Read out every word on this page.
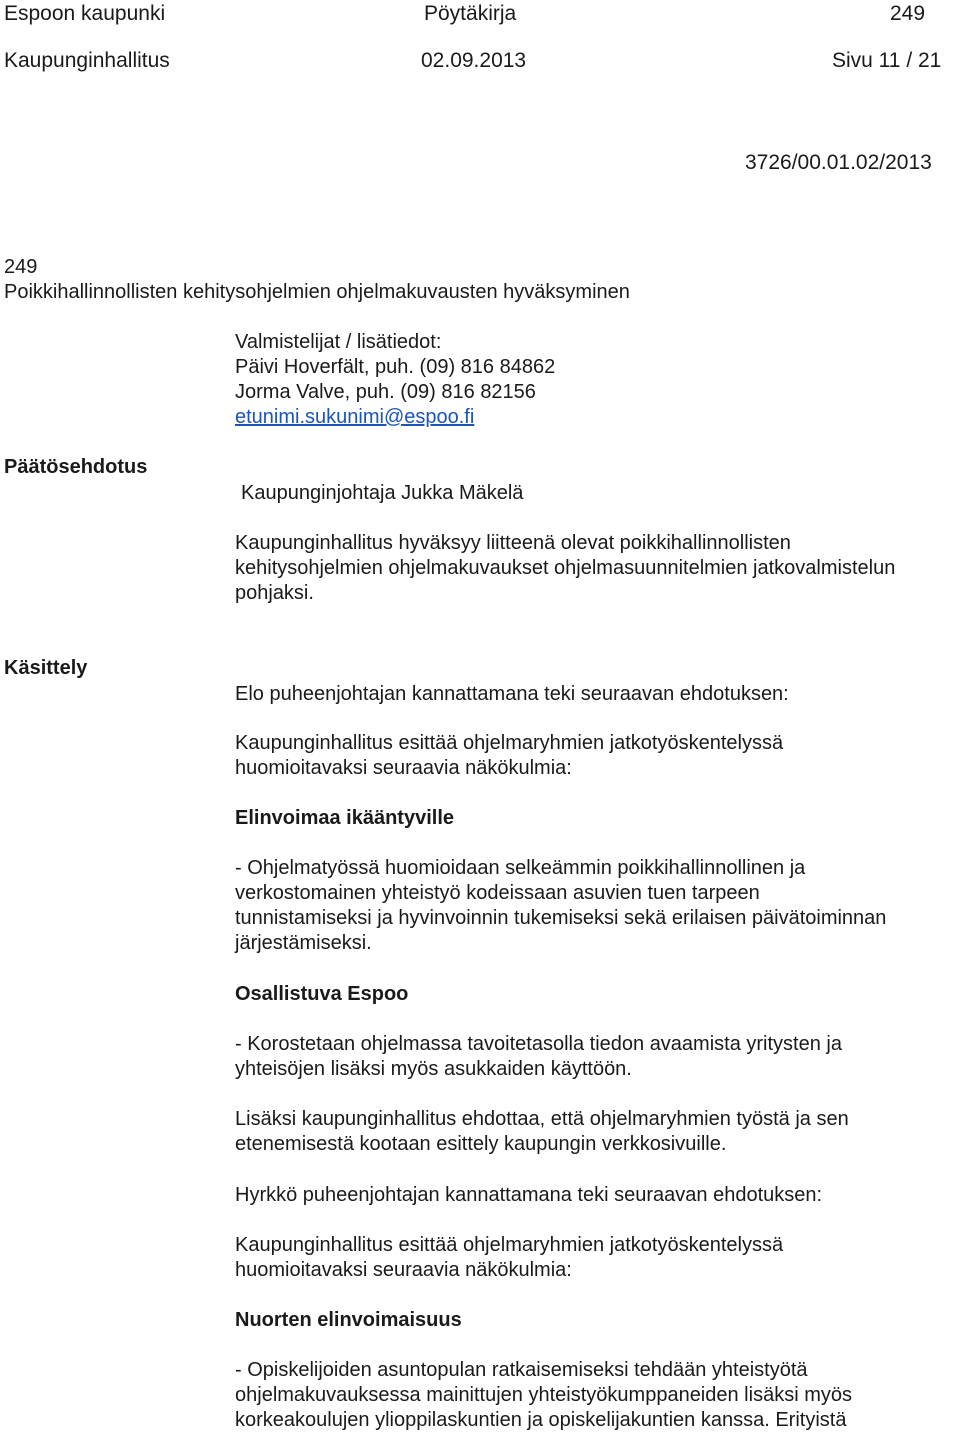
Espoon kaupunki	Pöytäkirja	249
Kaupunginhallitus	02.09.2013	Sivu 11 / 21
3726/00.01.02/2013
249
Poikkihallinnollisten kehitysohjelmien ohjelmakuvausten hyväksyminen
Valmistelijat / lisätiedot:
Päivi Hoverfält, puh. (09) 816 84862
Jorma Valve, puh. (09) 816 82156
etunimi.sukunimi@espoo.fi
Päätösehdotus
Kaupunginjohtaja Jukka Mäkelä
Kaupunginhallitus hyväksyy liitteenä olevat poikkihallinnollisten
kehitysohjelmien ohjelmakuvaukset ohjelmasuunnitelmien jatkovalmistelun
pohjaksi.
Käsittely
Elo puheenjohtajan kannattamana teki seuraavan ehdotuksen:
Kaupunginhallitus esittää ohjelmaryhmien jatkotyöskentelyssä
huomioitavaksi seuraavia näkökulmia:
Elinvoimaa ikääntyville
- Ohjelmatyössä huomioidaan selkeämmin poikkihallinnollinen ja
verkostomainen yhteistyö kodeissaan asuvien tuen tarpeen
tunnistamiseksi ja hyvinvoinnin tukemiseksi sekä erilaisen päivätoiminnan
järjestämiseksi.
Osallistuva Espoo
- Korostetaan ohjelmassa tavoitetasolla tiedon avaamista yritysten ja
yhteisöjen lisäksi myös asukkaiden käyttöön.
Lisäksi kaupunginhallitus ehdottaa, että ohjelmaryhmien työstä ja sen
etenemisestä kootaan esittely kaupungin verkkosivuille.
Hyrkkö puheenjohtajan kannattamana teki seuraavan ehdotuksen:
Kaupunginhallitus esittää ohjelmaryhmien jatkotyöskentelyssä
huomioitavaksi seuraavia näkökulmia:
Nuorten elinvoimaisuus
- Opiskelijoiden asuntopulan ratkaisemiseksi tehdään yhteistyötä
ohjelmakuvauksessa mainittujen yhteistyökumppaneiden lisäksi myös
korkeakoulujen ylioppilaskuntien ja opiskelijakuntien kanssa. Erityistä
